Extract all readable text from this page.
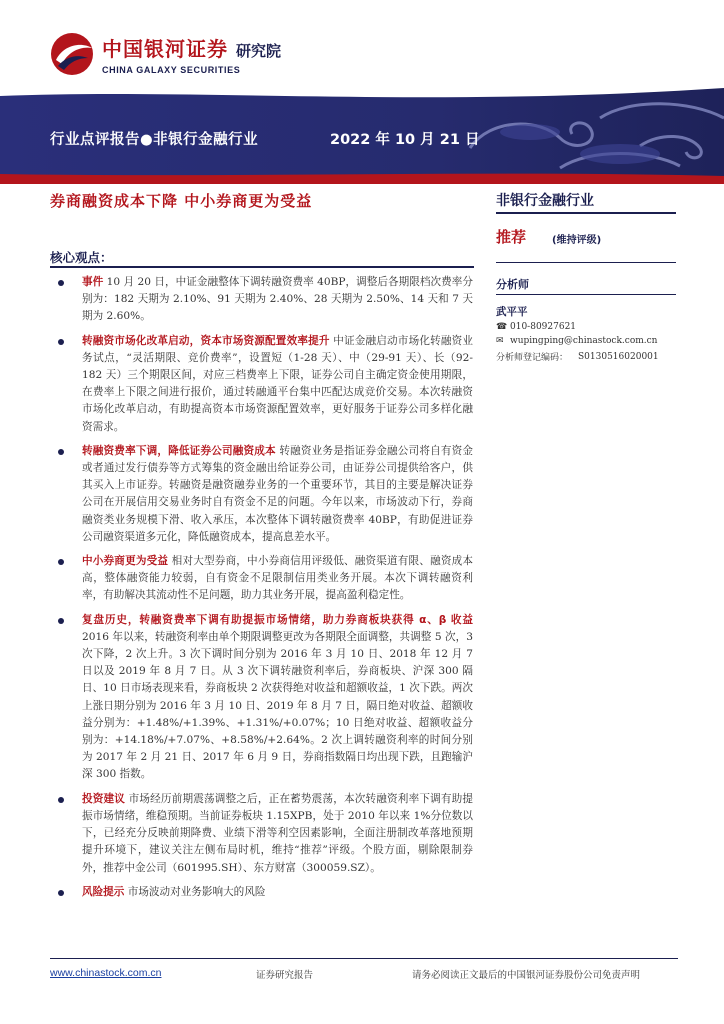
中国银河证券 研究院
CHINA GALAXY SECURITIES
行业点评报告●非银行金融行业	2022 年 10 月 21 日
券商融资成本下降 中小券商更为受益
核心观点：
事件 10 月 20 日，中证金融整体下调转融资费率 40BP，调整后各期限档次费率分别为：182 天期为 2.10%、91 天期为 2.40%、28 天期为 2.50%、14 天和 7 天期为 2.60%。
转融资市场化改革启动，资本市场资源配置效率提升 中证金融启动市场化转融资业务试点，“灵活期限、竞价费率”，设置短（1-28 天）、中（29-91 天）、长（92-182 天）三个期限区间，对应三档费率上下限，证券公司自主确定资金使用期限，在费率上下限之间进行报价，通过转融通平台集中匹配达成竞价交易。本次转融资市场化改革启动，有助提高资本市场资源配置效率，更好服务于证券公司多样化融资需求。
转融资费率下调，降低证券公司融资成本 转融资业务是指证券金融公司将自有资金或者通过发行债券等方式筹集的资金融出给证券公司，由证券公司提供给客户，供其买入上市证券。转融资是融资融券业务的一个重要环节，其目的主要是解决证券公司在开展信用交易业务时自有资金不足的问题。今年以来，市场波动下行，券商融资类业务规模下滑、收入承压，本次整体下调转融资费率 40BP，有助促进证券公司融资渠道多元化，降低融资成本，提高息差水平。
中小券商更为受益 相对大型券商，中小券商信用评级低、融资渠道有限、融资成本高，整体融资能力较弱，自有资金不足限制信用类业务开展。本次下调转融资利率，有助解决其流动性不足问题，助力其业务开展，提高盈利稳定性。
复盘历史，转融资费率下调有助提振市场情绪，助力券商板块获得 α、β 收益 2016 年以来，转融资利率由单个期限调整更改为各期限全面调整，共调整 5 次，3 次下降，2 次上升。3 次下调时间分别为 2016 年 3 月 10 日、2018 年 12 月 7 日以及 2019 年 8 月 7 日。从 3 次下调转融资利率后，券商板块、沪深 300 隔日、10 日市场表现来看，券商板块 2 次获得绝对收益和超额收益，1 次下跌。两次上涨日期分别为 2016 年 3 月 10 日、2019 年 8 月 7 日，隔日绝对收益、超额收益分别为：+1.48%/+1.39%、+1.31%/+0.07%；10 日绝对收益、超额收益分别为：+14.18%/+7.07%、+8.58%/+2.64%。2 次上调转融资利率的时间分别为 2017 年 2 月 21 日、2017 年 6 月 9 日，券商指数隔日均出现下跌，且跑输沪深 300 指数。
投资建议 市场经历前期震荡调整之后，正在蓄势震荡，本次转融资利率下调有助提振市场情绪，维稳预期。当前证券板块 1.15XPB，处于 2010 年以来 1%分位数以下，已经充分反映前期降费、业绩下滑等利空因素影响，全面注册制改革落地预期提升环境下，建议关注左侧布局时机，维持“推荐”评级。个股方面，剔除限制券外，推荐中金公司（601995.SH）、东方财富（300059.SZ）。
风险提示 市场波动对业务影响大的风险
非银行金融行业
推荐	(维持评级)
分析师
武平平
☎ 010-80927621
✉ wupingping@chinastock.com.cn
分析师登记编码： S0130516020001
www.chinastock.com.cn	证券研究报告	请务必阅读正文最后的中国银河证券股份公司免责声明
